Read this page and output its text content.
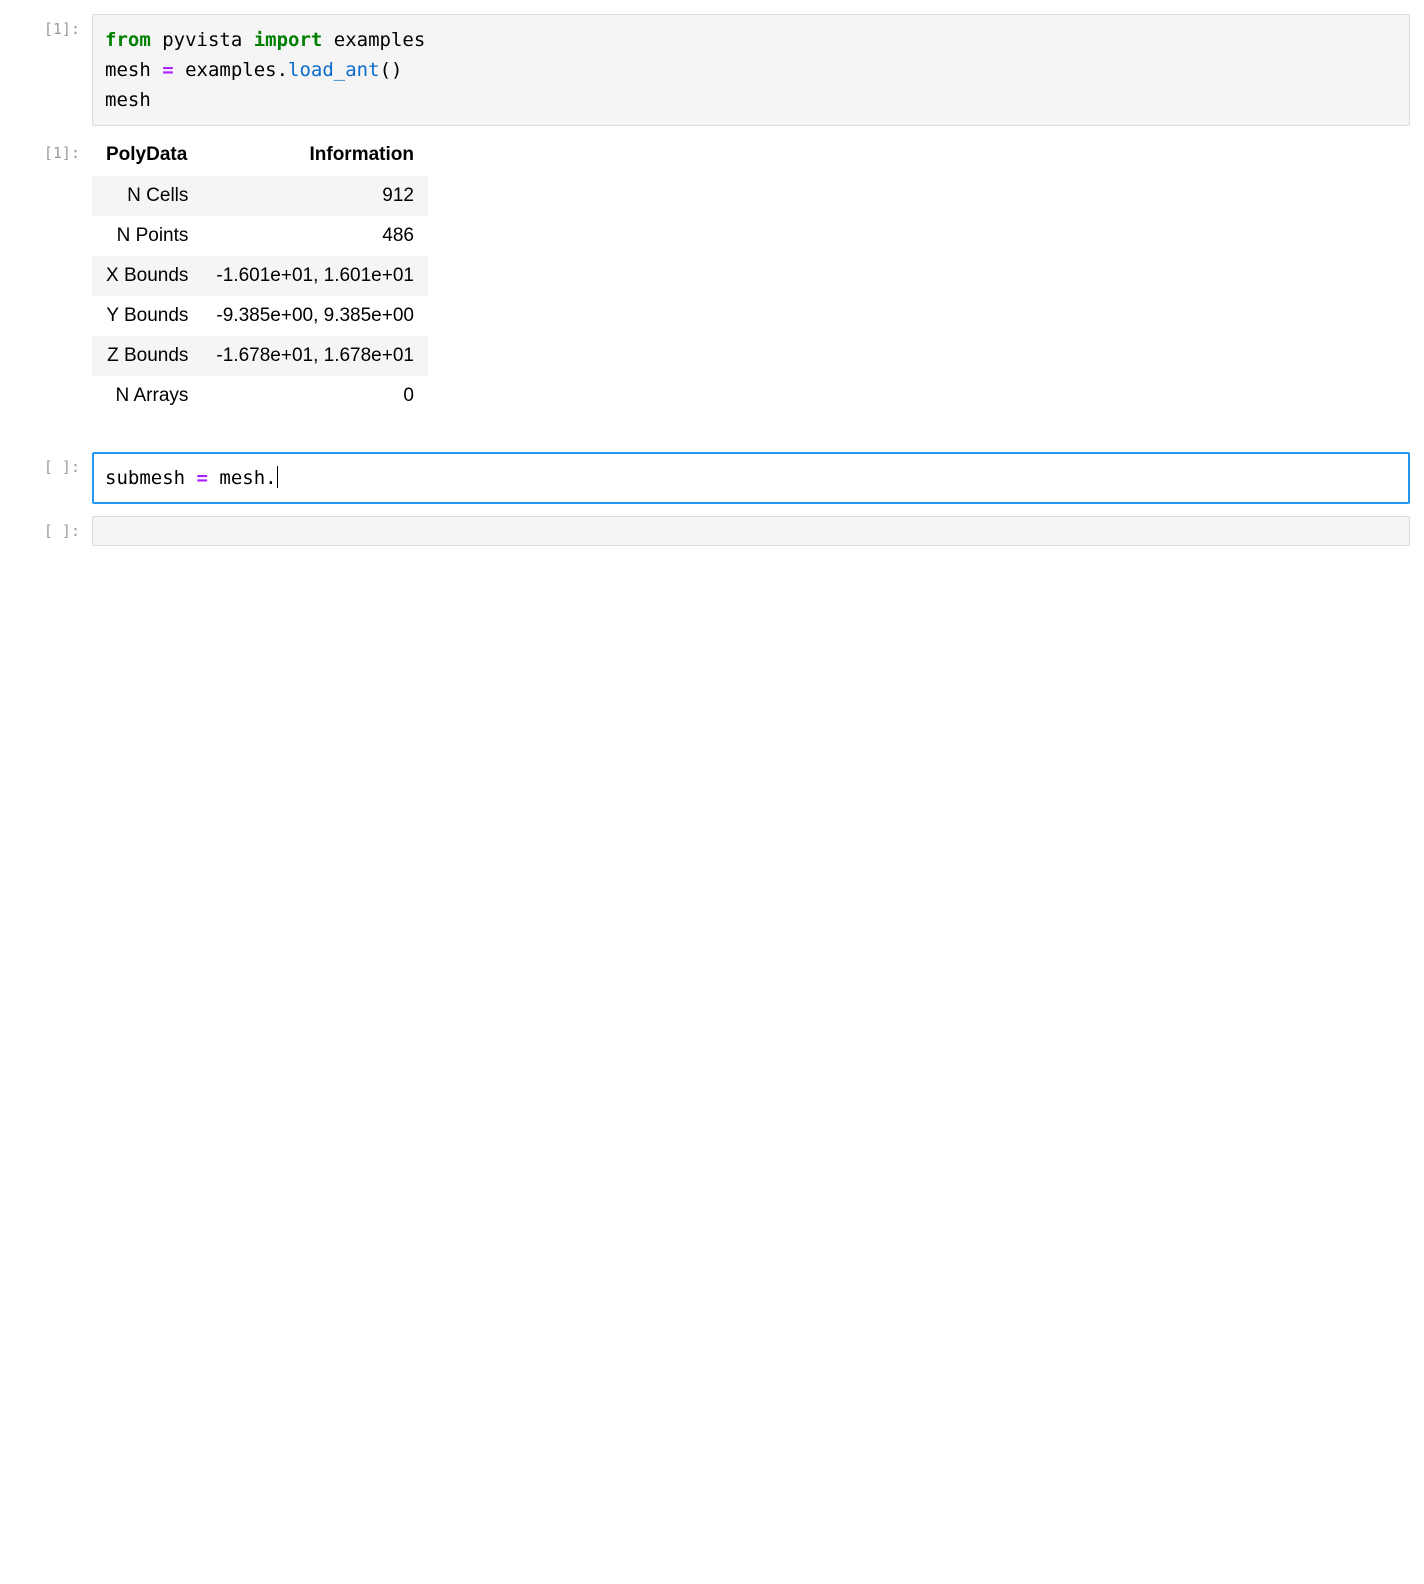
[1]:	from pyvista import examples
mesh = examples.load_ant()
mesh
[1]:	PolyData	Information
N Cells	912
N Points	486
X Bounds	-1.601e+01, 1.601e+01
Y Bounds	-9.385e+00, 9.385e+00
Z Bounds	-1.678e+01, 1.678e+01
N Arrays	0
[ ]:	submesh = mesh.
[ ]:
